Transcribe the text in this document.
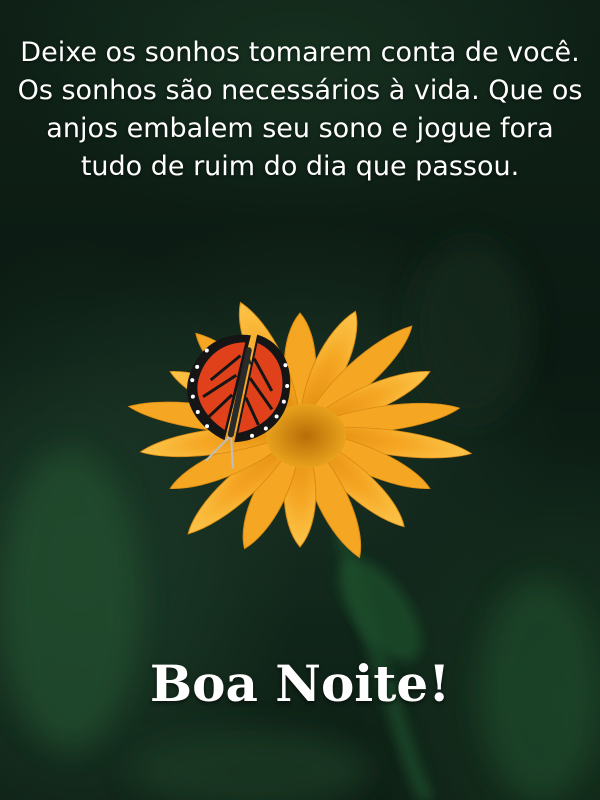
Deixe os sonhos tomarem conta de você.
Os sonhos são necessários à vida. Que os
anjos embalem seu sono e jogue fora
tudo de ruim do dia que passou.
Boa Noite!
